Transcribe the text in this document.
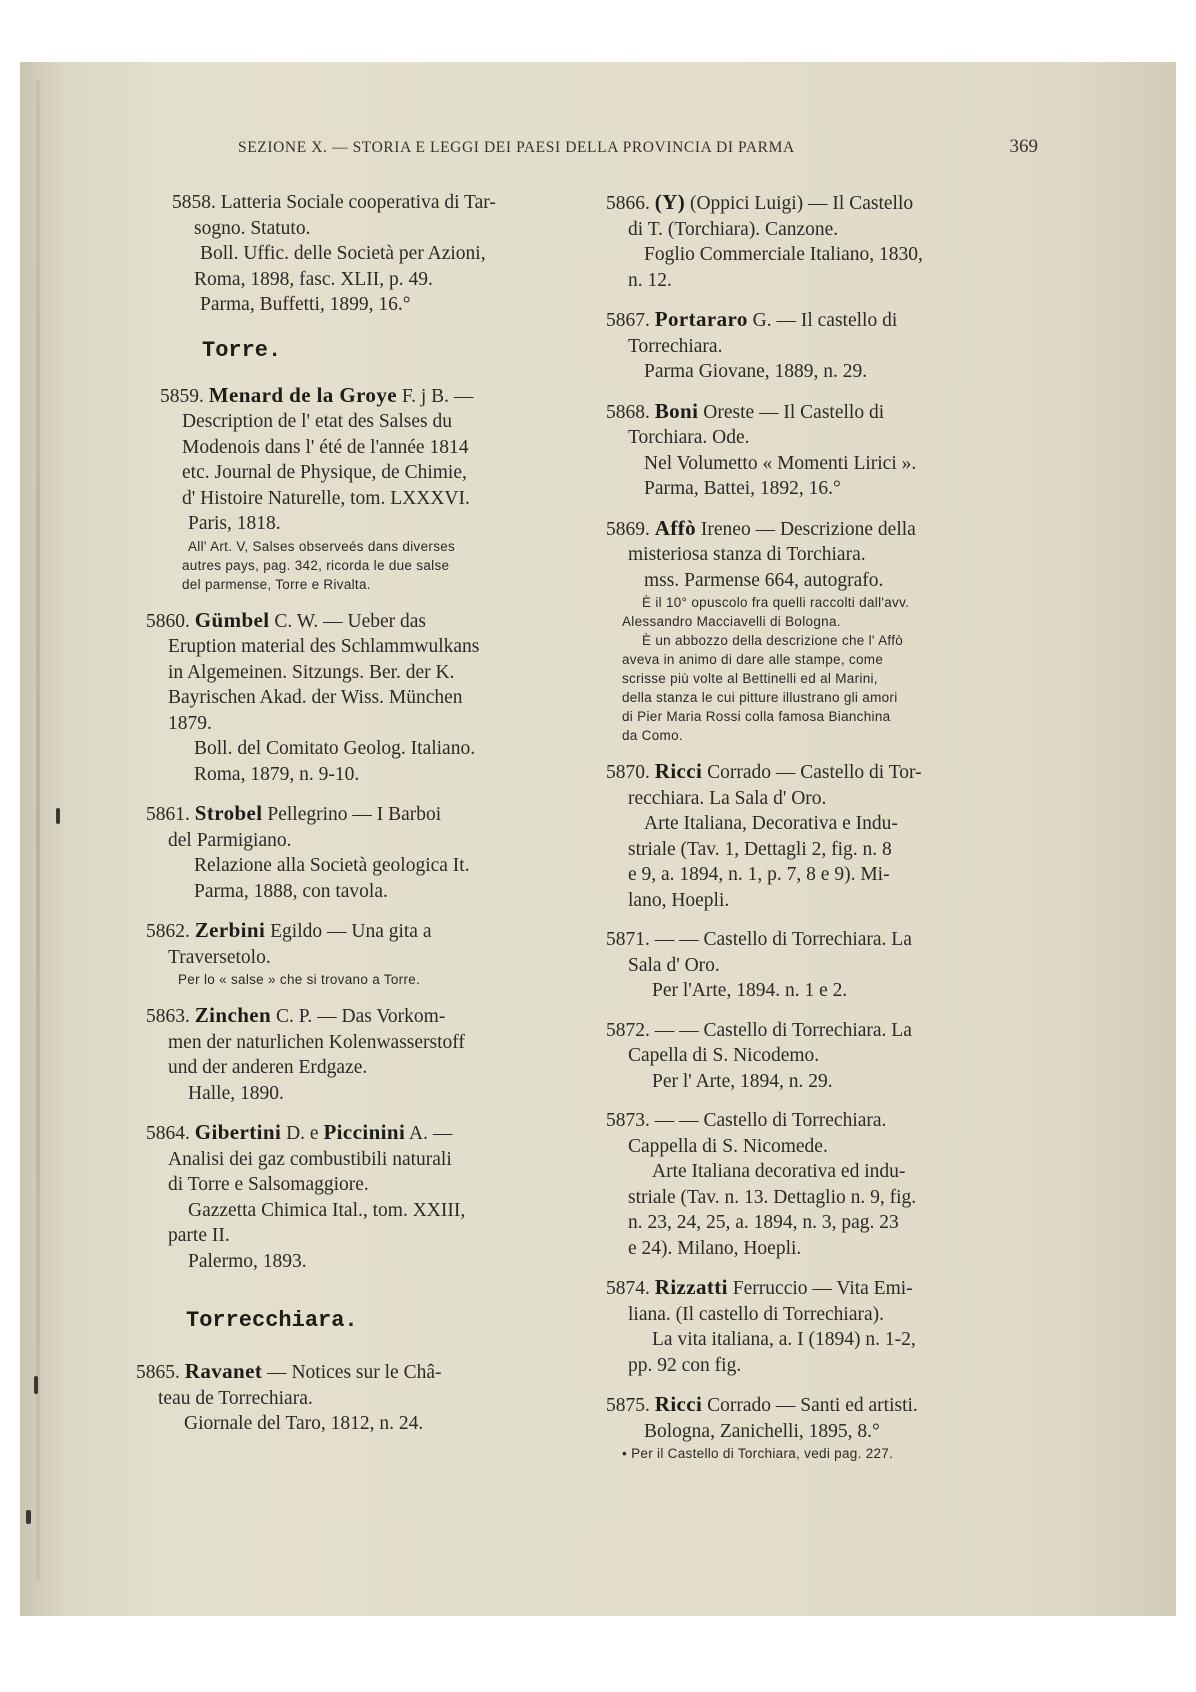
SEZIONE X. — STORIA E LEGGI DEI PAESI DELLA PROVINCIA DI PARMA	369
5858. Latteria Sociale cooperativa di Tar-
sogno. Statuto.
Boll. Uffic. delle Società per Azioni,
Roma, 1898, fasc. XLII, p. 49.
Parma, Buffetti, 1899, 16.°
Torre.
5859. Menard de la Groye F. j B. —
Description de l' etat des Salses du
Modenois dans l' été de l'année 1814
etc. Journal de Physique, de Chimie,
d' Histoire Naturelle, tom. LXXXVI.
Paris, 1818.
All' Art. V, Salses observeés dans diverses
autres pays, pag. 342, ricorda le due salse
del parmense, Torre e Rivalta.
5860. Gümbel C. W. — Ueber das
Eruption material des Schlammwulkans
in Algemeinen. Sitzungs. Ber. der K.
Bayrischen Akad. der Wiss. München
1879.
Boll. del Comitato Geolog. Italiano.
Roma, 1879, n. 9-10.
5861. Strobel Pellegrino — I Barboi
del Parmigiano.
Relazione alla Società geologica It.
Parma, 1888, con tavola.
5862. Zerbini Egildo — Una gita a
Traversetolo.
Per lo « salse » che si trovano a Torre.
5863. Zinchen C. P. — Das Vorkom-
men der naturlichen Kolenwasserstoff
und der anderen Erdgaze.
Halle, 1890.
5864. Gibertini D. e Piccinini A. —
Analisi dei gaz combustibili naturali
di Torre e Salsomaggiore.
Gazzetta Chimica Ital., tom. XXIII,
parte II.
Palermo, 1893.
Torrecchiara.
5865. Ravanet — Notices sur le Châ-
teau de Torrechiara.
Giornale del Taro, 1812, n. 24.
5866. (Y) (Oppici Luigi) — Il Castello
di T. (Torchiara). Canzone.
Foglio Commerciale Italiano, 1830,
n. 12.
5867. Portararo G. — Il castello di
Torrechiara.
Parma Giovane, 1889, n. 29.
5868. Boni Oreste — Il Castello di
Torchiara. Ode.
Nel Volumetto « Momenti Lirici ».
Parma, Battei, 1892, 16.°
5869. Affò Ireneo — Descrizione della
misteriosa stanza di Torchiara.
mss. Parmense 664, autografo.
È il 10° opuscolo fra quelli raccolti dall'avv.
Alessandro Macciavelli di Bologna.
È un abbozzo della descrizione che l' Affò
aveva in animo di dare alle stampe, come
scrisse più volte al Bettinelli ed al Marini,
della stanza le cui pitture illustrano gli amori
di Pier Maria Rossi colla famosa Bianchina
da Como.
5870. Ricci Corrado — Castello di Tor-
recchiara. La Sala d' Oro.
Arte Italiana, Decorativa e Indu-
striale (Tav. 1, Dettagli 2, fig. n. 8
e 9, a. 1894, n. 1, p. 7, 8 e 9). Mi-
lano, Hoepli.
5871. — — Castello di Torrechiara. La
Sala d' Oro.
Per l'Arte, 1894. n. 1 e 2.
5872. — — Castello di Torrechiara. La
Capella di S. Nicodemo.
Per l' Arte, 1894, n. 29.
5873. — — Castello di Torrechiara.
Cappella di S. Nicomede.
Arte Italiana decorativa ed indu-
striale (Tav. n. 13. Dettaglio n. 9, fig.
n. 23, 24, 25, a. 1894, n. 3, pag. 23
e 24). Milano, Hoepli.
5874. Rizzatti Ferruccio — Vita Emi-
liana. (Il castello di Torrechiara).
La vita italiana, a. I (1894) n. 1-2,
pp. 92 con fig.
5875. Ricci Corrado — Santi ed artisti.
Bologna, Zanichelli, 1895, 8.°
• Per il Castello di Torchiara, vedi pag. 227.
